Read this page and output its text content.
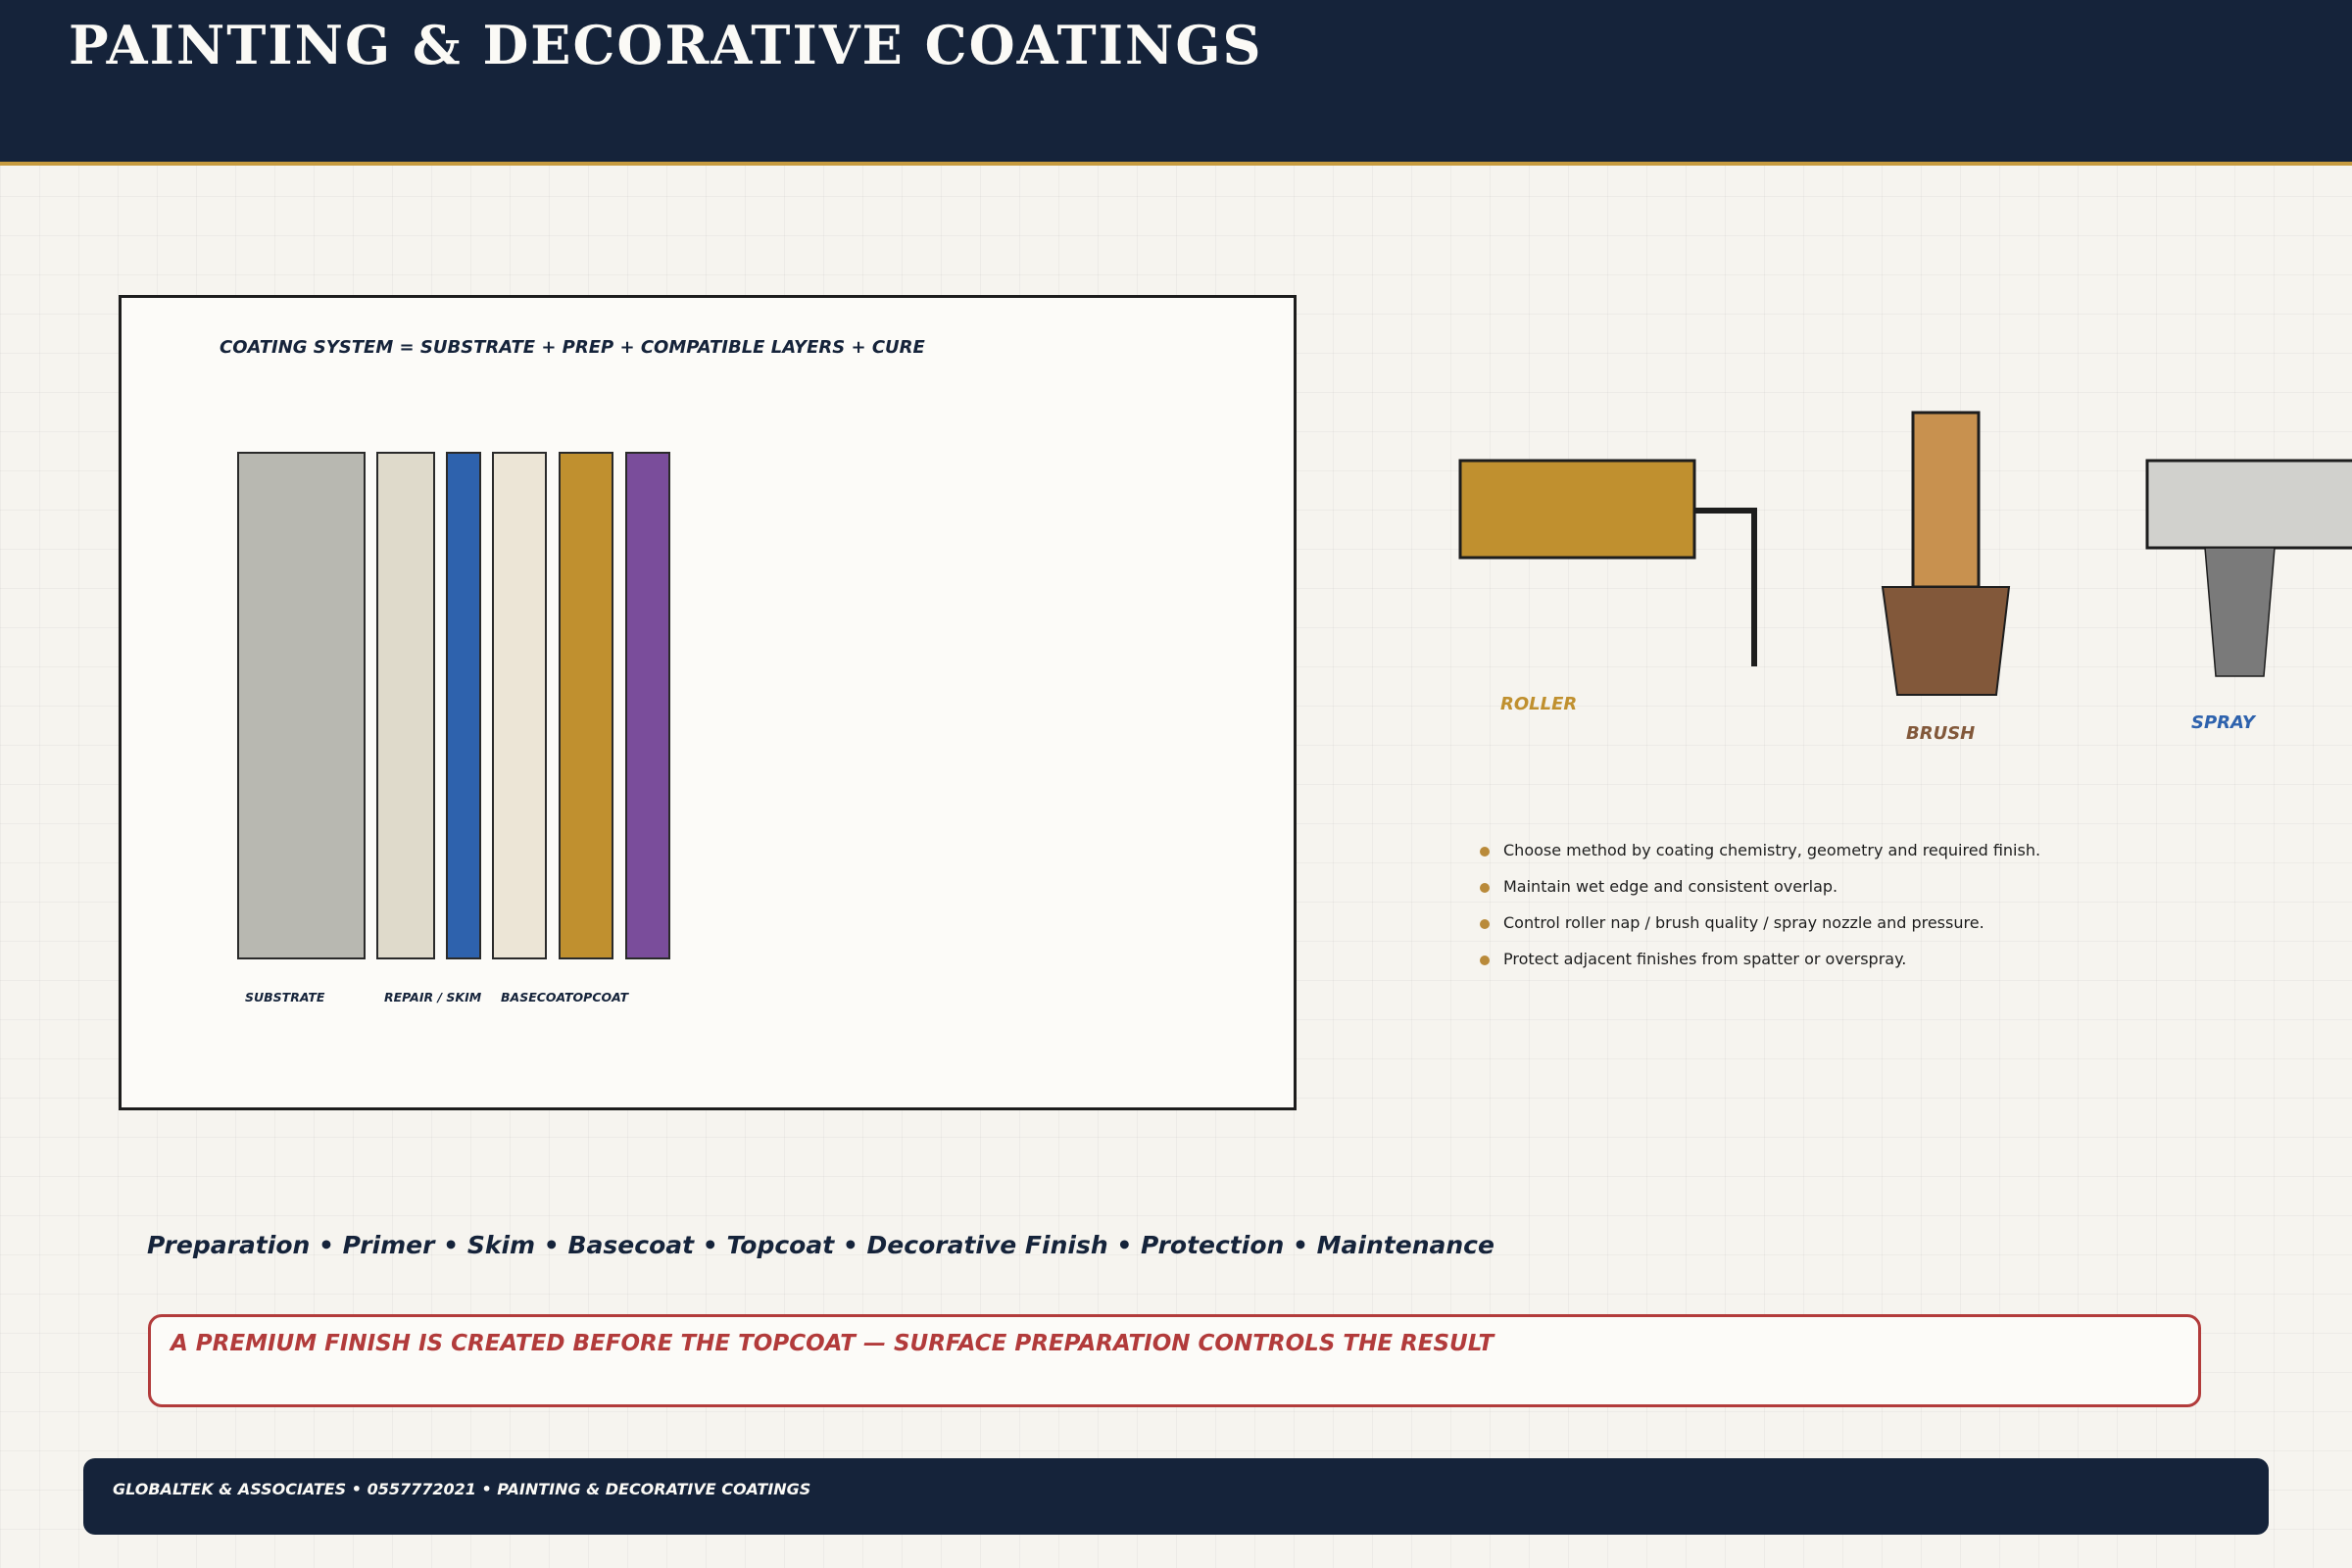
PAINTING & DECORATIVE COATINGS
COATING SYSTEM = SUBSTRATE + PREP + COMPATIBLE LAYERS + CURE
SUBSTRATE	REPAIR / SKIM BASECOAT
TOPCOAT
ROLLER
BRUSH
SPRAY
Choose method by coating chemistry, geometry and required finish.
Maintain wet edge and consistent overlap.
Control roller nap / brush quality / spray nozzle and pressure.
Protect adjacent finishes from spatter or overspray.
Preparation • Primer • Skim • Basecoat • Topcoat • Decorative Finish • Protection • Maintenance
A PREMIUM FINISH IS CREATED BEFORE THE TOPCOAT — SURFACE PREPARATION CONTROLS THE RESULT
GLOBALTEK & ASSOCIATES • 0557772021 • PAINTING & DECORATIVE COATINGS
